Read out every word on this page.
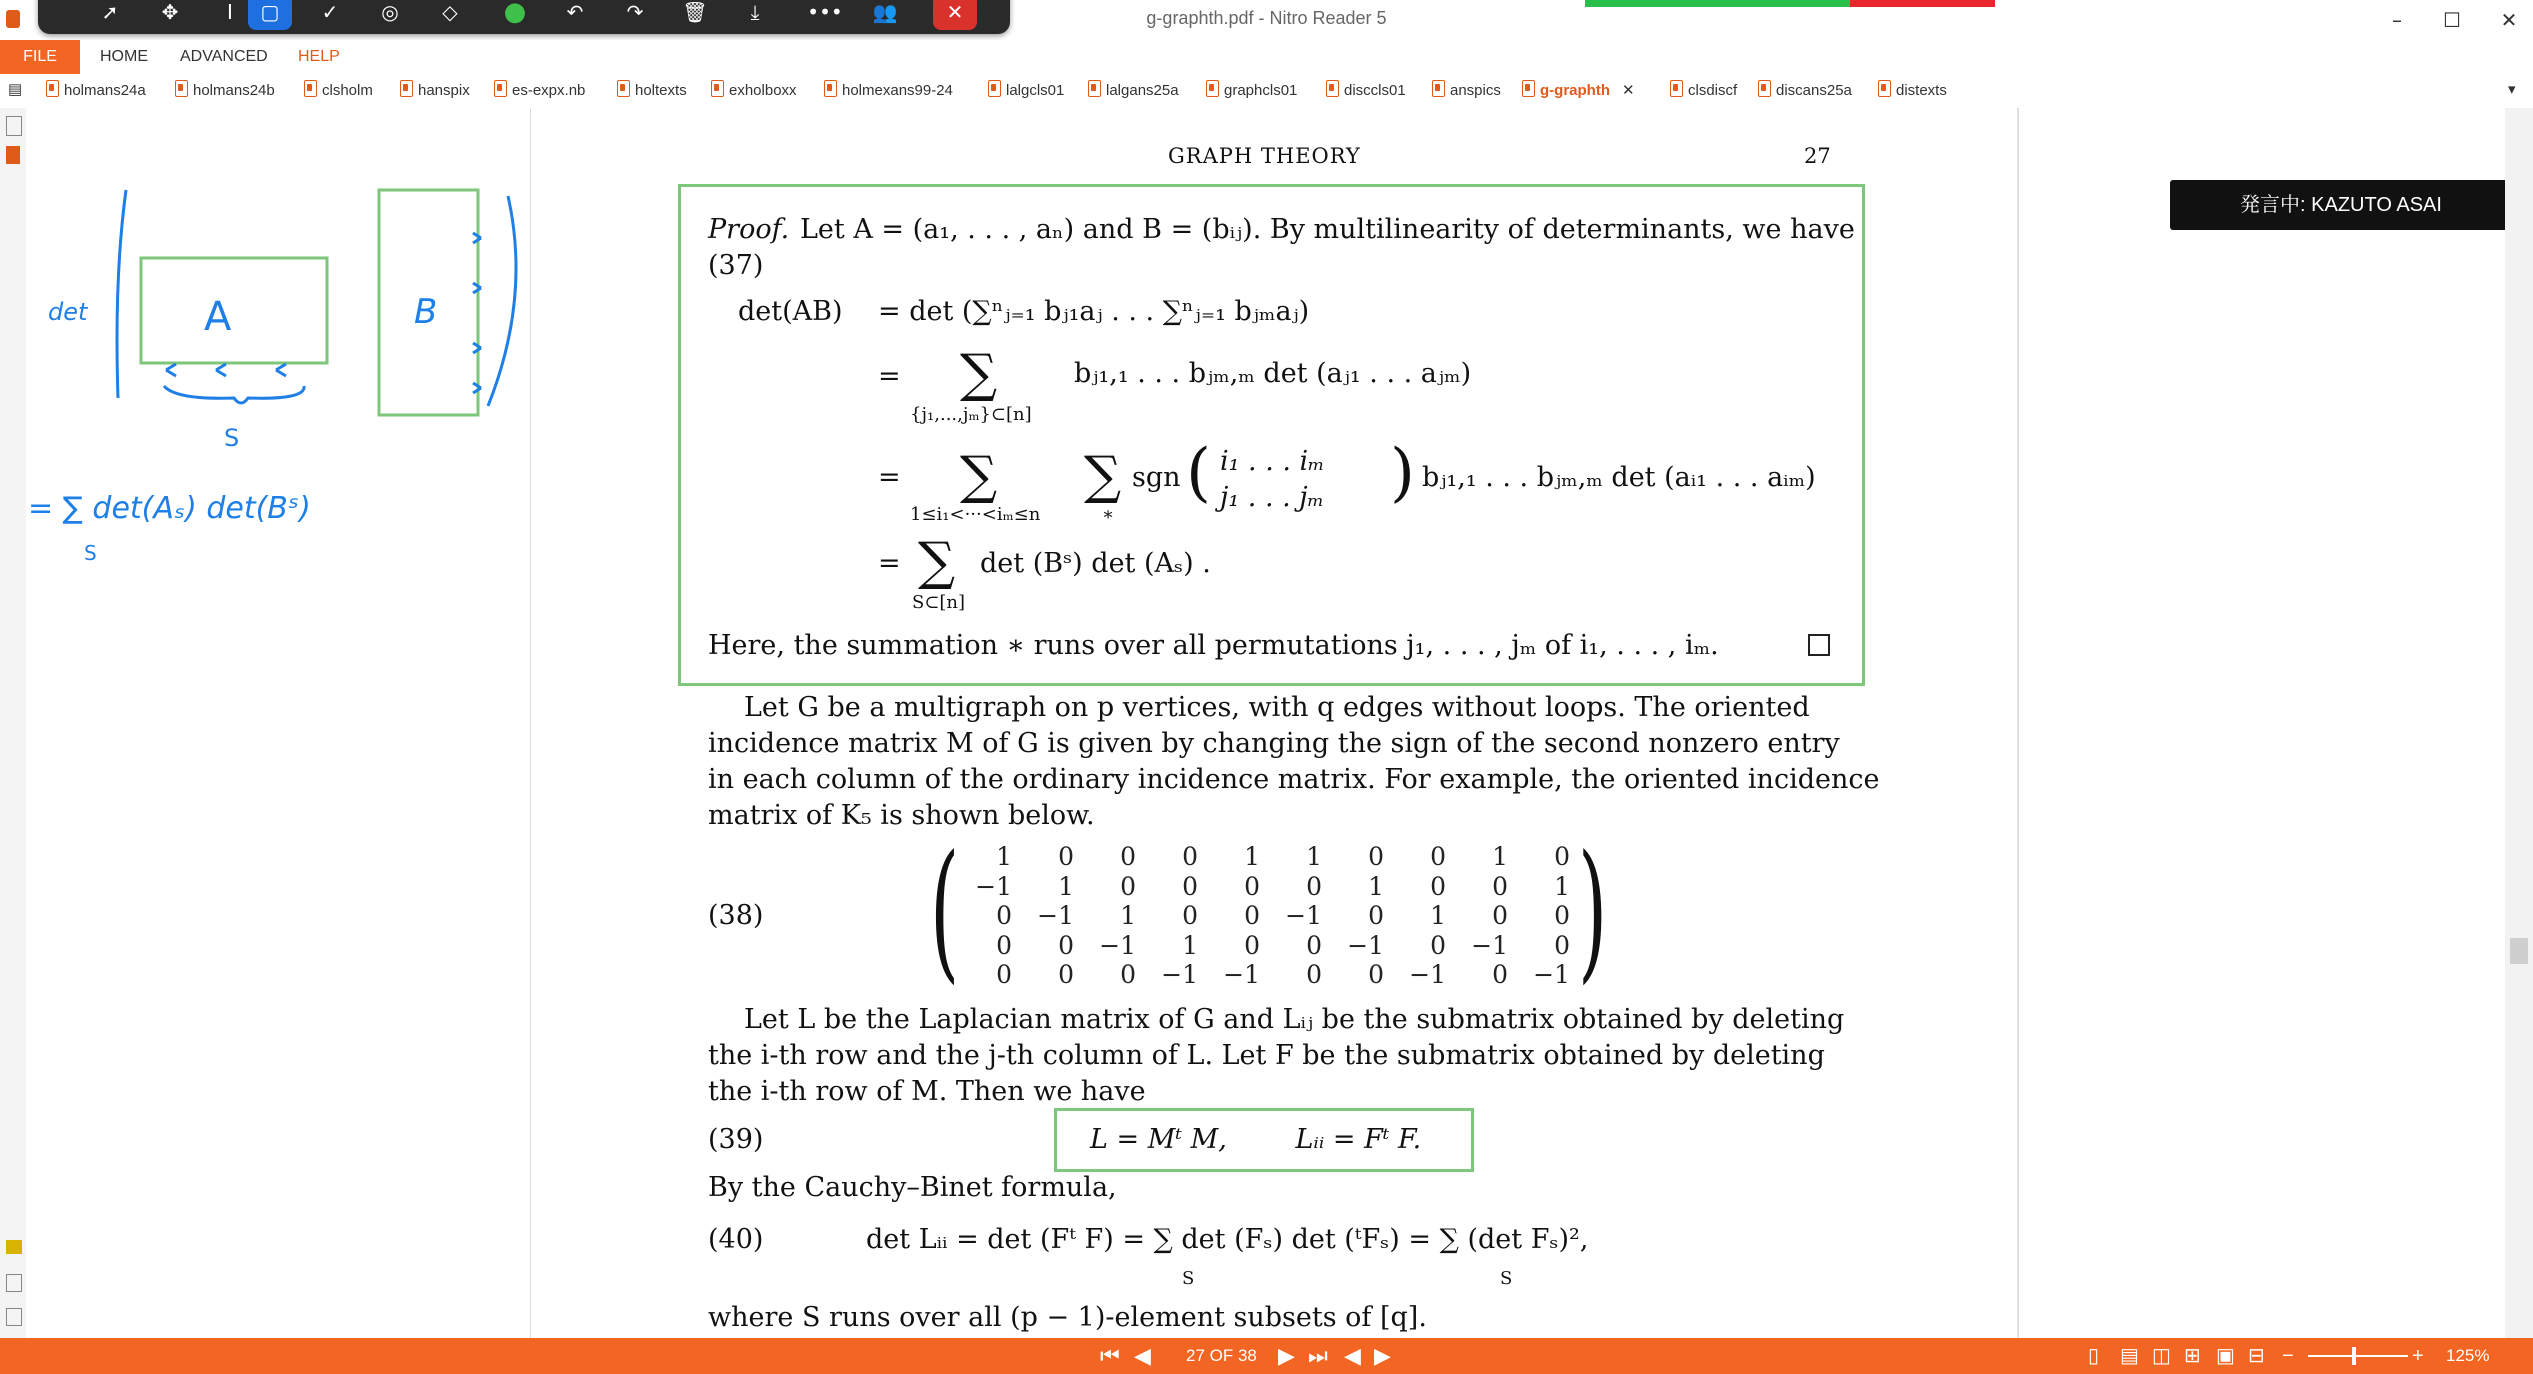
g-graphth.pdf - Nitro Reader 5	–	☐	✕
➚	✥	Ⅰ	▢	✓	◎	◇	●	↶	↷	🗑	⤓	•••	👥	✕
FILE	HOME ADVANCED HELP
▤	holmans24a	holmans24b	clsholm	hanspix	es-expx.nb	holtexts	exholboxx	holmexans99-24	lalgcls01	lalgans25a	graphcls01	disccls01	anspics	g-graphth ✕	clsdiscf	discans25a	distexts	▾
det	A	B
S
= ∑ det(Aₛ) det(Bˢ)
S
GRAPH THEORY	27
Proof. Let A = (a₁, . . . , aₙ) and B = (bᵢⱼ). By multilinearity of determinants, we have
(37)
det(AB) = det (∑ⁿⱼ₌₁ bⱼ₁aⱼ . . . ∑ⁿⱼ₌₁ bⱼₘaⱼ)
= ∑	bⱼ₁,₁ . . . bⱼₘ,ₘ det (aⱼ₁ . . . aⱼₘ)
{j₁,...,jₘ}⊂[n]
= ∑ ∑ sgn ( i₁ . . . iₘ
j₁ . . . jₘ ) bⱼ₁,₁ . . . bⱼₘ,ₘ det (aᵢ₁ . . . aᵢₘ)
1≤i₁<···<iₘ≤n	∗
= ∑ det (Bˢ) det (Aₛ) .
S⊂[n]
Here, the summation ∗ runs over all permutations j₁, . . . , jₘ of i₁, . . . , iₘ.
Let G be a multigraph on p vertices, with q edges without loops. The oriented
incidence matrix M of G is given by changing the sign of the second nonzero entry
in each column of the ordinary incidence matrix. For example, the oriented incidence
matrix of K₅ is shown below.
(38) ( 1	0	0	0	1	1	0	0	1	0
−1	1	0	0	0	0	1	0	0	1
0	−1	1	0	0	−1	0	1	0	0
0	0	−1	1	0	0	−1	0	−1	0
0	0	0	−1	−1	0	0	−1	0	−1 )
Let L be the Laplacian matrix of G and Lᵢⱼ be the submatrix obtained by deleting
the i-th row and the j-th column of L. Let F be the submatrix obtained by deleting
the i-th row of M. Then we have
(39)	L = Mᵗ M,        Lᵢᵢ = Fᵗ F.
By the Cauchy–Binet formula,
(40)	det Lᵢᵢ = det (Fᵗ F) = ∑ det (Fₛ) det (ᵗFₛ) = ∑ (det Fₛ)²,
S	S
where S runs over all (p − 1)-element subsets of [q].
発言中: KAZUTO ASAI
⏮ ◀ 27 OF 38 ▶ ⏭ ◀ ▶	▯ ▤ ◫ ⊞ ▣ ⊟ −	+ 125%
